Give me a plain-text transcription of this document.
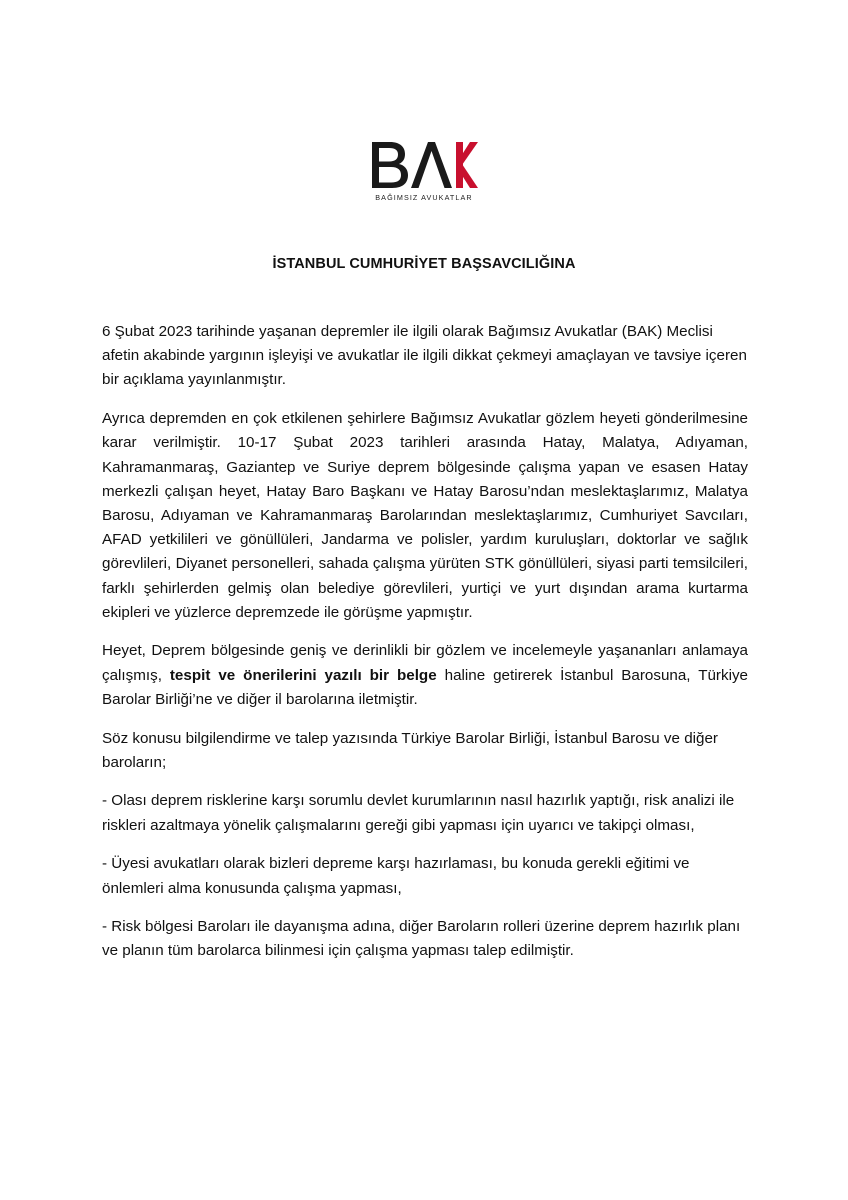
BAĞIMSIZ AVUKATLAR
İSTANBUL CUMHURİYET BAŞSAVCILIĞINA

6 Şubat 2023 tarihinde yaşanan depremler ile ilgili olarak Bağımsız Avukatlar (BAK) Meclisi afetin akabinde yargının işleyişi ve avukatlar ile ilgili dikkat çekmeyi amaçlayan ve tavsiye içeren bir açıklama yayınlanmıştır.

Ayrıca depremden en çok etkilenen şehirlere Bağımsız Avukatlar gözlem heyeti gönderilmesine karar verilmiştir. 10-17 Şubat 2023 tarihleri arasında Hatay, Malatya, Adıyaman, Kahramanmaraş, Gaziantep ve Suriye deprem bölgesinde çalışma yapan ve esasen Hatay merkezli çalışan heyet, Hatay Baro Başkanı ve Hatay Barosu’ndan meslektaşlarımız, Malatya Barosu, Adıyaman ve Kahramanmaraş Barolarından meslektaşlarımız, Cumhuriyet Savcıları, AFAD yetkilileri ve gönüllüleri, Jandarma ve polisler, yardım kuruluşları, doktorlar ve sağlık görevlileri, Diyanet personelleri, sahada çalışma yürüten STK gönüllüleri, siyasi parti temsilcileri, farklı şehirlerden gelmiş olan belediye görevlileri, yurtiçi ve yurt dışından arama kurtarma ekipleri ve yüzlerce depremzede ile görüşme yapmıştır.

Heyet, Deprem bölgesinde geniş ve derinlikli bir gözlem ve incelemeyle yaşananları anlamaya çalışmış, tespit ve önerilerini yazılı bir belge haline getirerek İstanbul Barosuna, Türkiye Barolar Birliği’ne ve diğer il barolarına iletmiştir.

Söz konusu bilgilendirme ve talep yazısında Türkiye Barolar Birliği, İstanbul Barosu ve diğer baroların;

- Olası deprem risklerine karşı sorumlu devlet kurumlarının nasıl hazırlık yaptığı, risk analizi ile riskleri azaltmaya yönelik çalışmalarını gereği gibi yapması için uyarıcı ve takipçi olması,

- Üyesi avukatları olarak bizleri depreme karşı hazırlaması, bu konuda gerekli eğitimi ve önlemleri alma konusunda çalışma yapması,

- Risk bölgesi Baroları ile dayanışma adına, diğer Baroların rolleri üzerine deprem hazırlık planı ve planın tüm barolarca bilinmesi için çalışma yapması talep edilmiştir.
